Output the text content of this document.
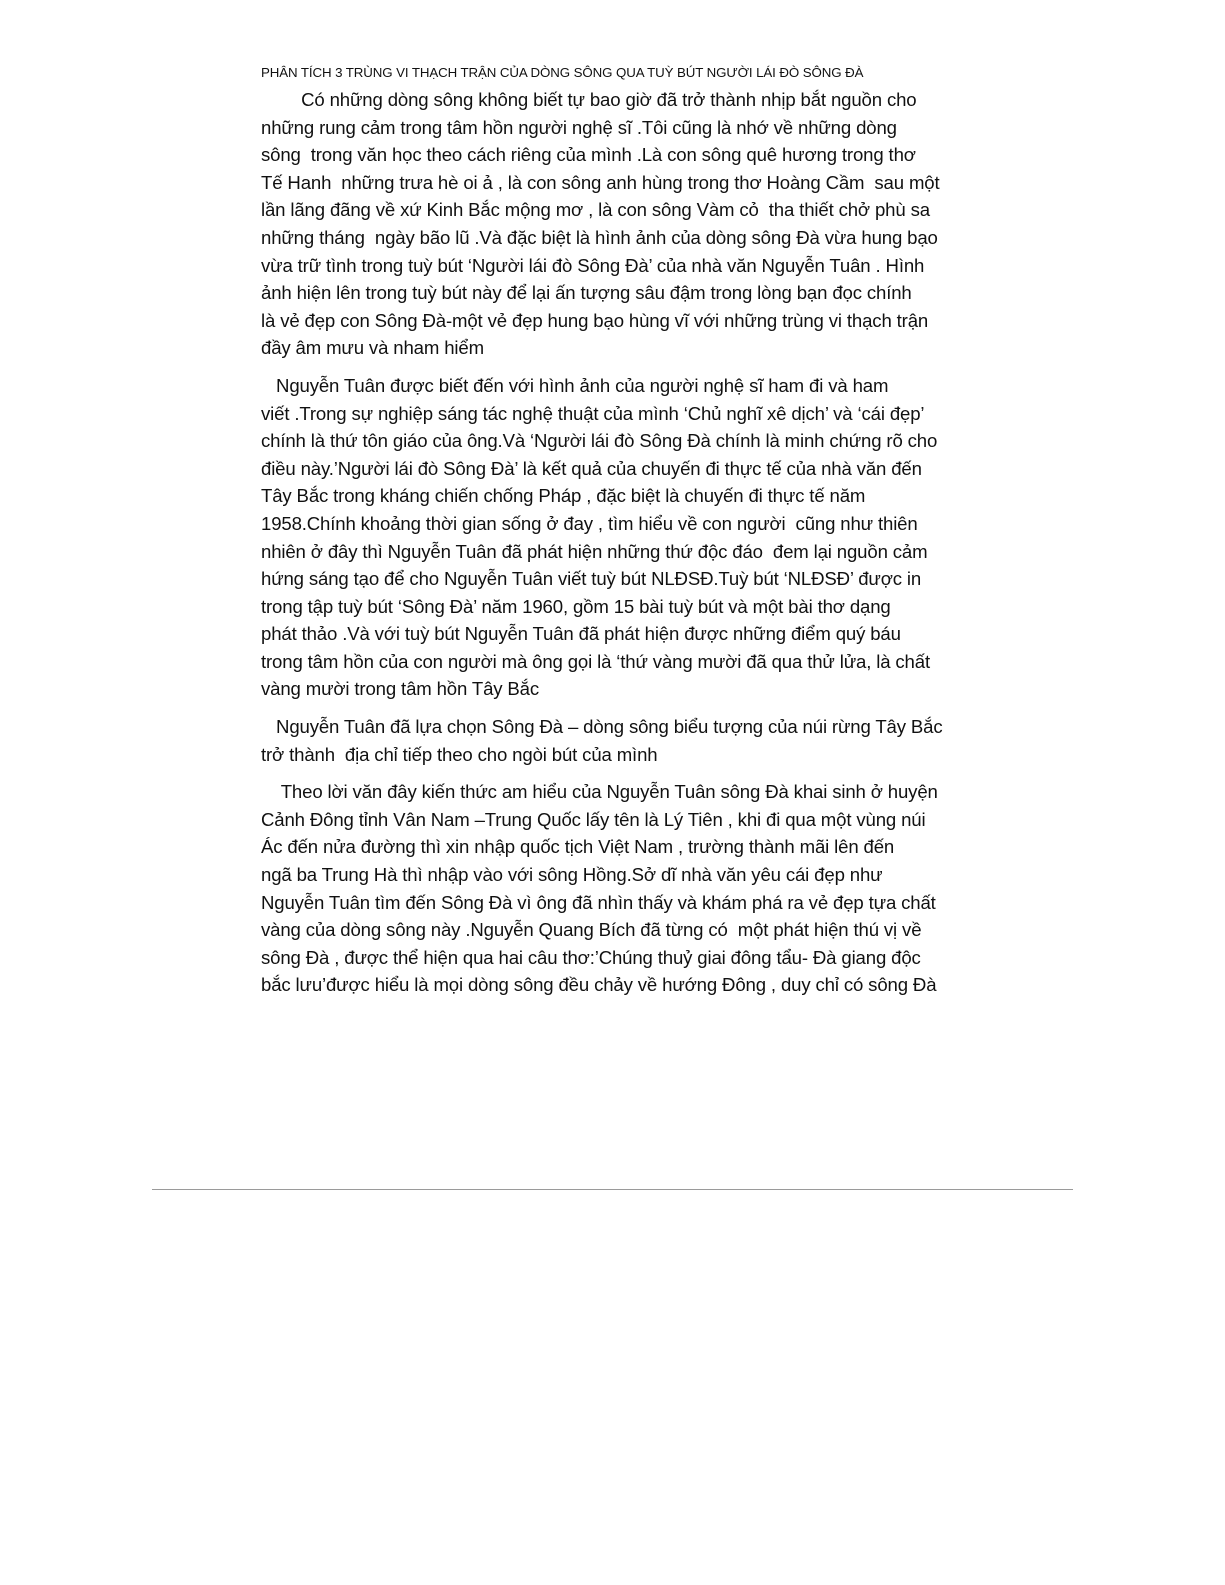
PHÂN TÍCH 3 TRÙNG VI THẠCH TRẬN CỦA DÒNG SÔNG QUA TUỲ BÚT NGƯỜI LÁI ĐÒ SÔNG ĐÀ
Có những dòng sông không biết tự bao giờ đã trở thành nhịp bắt nguồn cho
những rung cảm trong tâm hồn người nghệ sĩ .Tôi cũng là nhớ về những dòng
sông  trong văn học theo cách riêng của mình .Là con sông quê hương trong thơ
Tế Hanh  những trưa hè oi ả , là con sông anh hùng trong thơ Hoàng Cầm  sau một
lần lãng đãng về xứ Kinh Bắc mộng mơ , là con sông Vàm cỏ  tha thiết chở phù sa
những tháng  ngày bão lũ .Và đặc biệt là hình ảnh của dòng sông Đà vừa hung bạo
vừa trữ tình trong tuỳ bút ‘Người lái đò Sông Đà’ của nhà văn Nguyễn Tuân . Hình
ảnh hiện lên trong tuỳ bút này để lại ấn tượng sâu đậm trong lòng bạn đọc chính
là vẻ đẹp con Sông Đà-một vẻ đẹp hung bạo hùng vĩ với những trùng vi thạch trận
đầy âm mưu và nham hiểm
Nguyễn Tuân được biết đến với hình ảnh của người nghệ sĩ ham đi và ham
viết .Trong sự nghiệp sáng tác nghệ thuật của mình ‘Chủ nghĩ xê dịch’ và ‘cái đẹp’
chính là thứ tôn giáo của ông.Và ‘Người lái đò Sông Đà chính là minh chứng rõ cho
điều này.’Người lái đò Sông Đà’ là kết quả của chuyến đi thực tế của nhà văn đến
Tây Bắc trong kháng chiến chống Pháp , đặc biệt là chuyến đi thực tế năm
1958.Chính khoảng thời gian sống ở đay , tìm hiểu về con người  cũng như thiên
nhiên ở đây thì Nguyễn Tuân đã phát hiện những thứ độc đáo  đem lại nguồn cảm
hứng sáng tạo để cho Nguyễn Tuân viết tuỳ bút NLĐSĐ.Tuỳ bút ‘NLĐSĐ’ được in
trong tập tuỳ bút ‘Sông Đà’ năm 1960, gồm 15 bài tuỳ bút và một bài thơ dạng
phát thảo .Và với tuỳ bút Nguyễn Tuân đã phát hiện được những điểm quý báu
trong tâm hồn của con người mà ông gọi là ‘thứ vàng mười đã qua thử lửa, là chất
vàng mười trong tâm hồn Tây Bắc
Nguyễn Tuân đã lựa chọn Sông Đà – dòng sông biểu tượng của núi rừng Tây Bắc
trở thành  địa chỉ tiếp theo cho ngòi bút của mình
Theo lời văn đây kiến thức am hiểu của Nguyễn Tuân sông Đà khai sinh ở huyện
Cảnh Đông tỉnh Vân Nam –Trung Quốc lấy tên là Lý Tiên , khi đi qua một vùng núi
Ác đến nửa đường thì xin nhập quốc tịch Việt Nam , trường thành mãi lên đến
ngã ba Trung Hà thì nhập vào với sông Hồng.Sở dĩ nhà văn yêu cái đẹp như
Nguyễn Tuân tìm đến Sông Đà vì ông đã nhìn thấy và khám phá ra vẻ đẹp tựa chất
vàng của dòng sông này .Nguyễn Quang Bích đã từng có  một phát hiện thú vị về
sông Đà , được thể hiện qua hai câu thơ:’Chúng thuỷ giai đông tẩu- Đà giang độc
bắc lưu’được hiểu là mọi dòng sông đều chảy về hướng Đông , duy chỉ có sông Đà
